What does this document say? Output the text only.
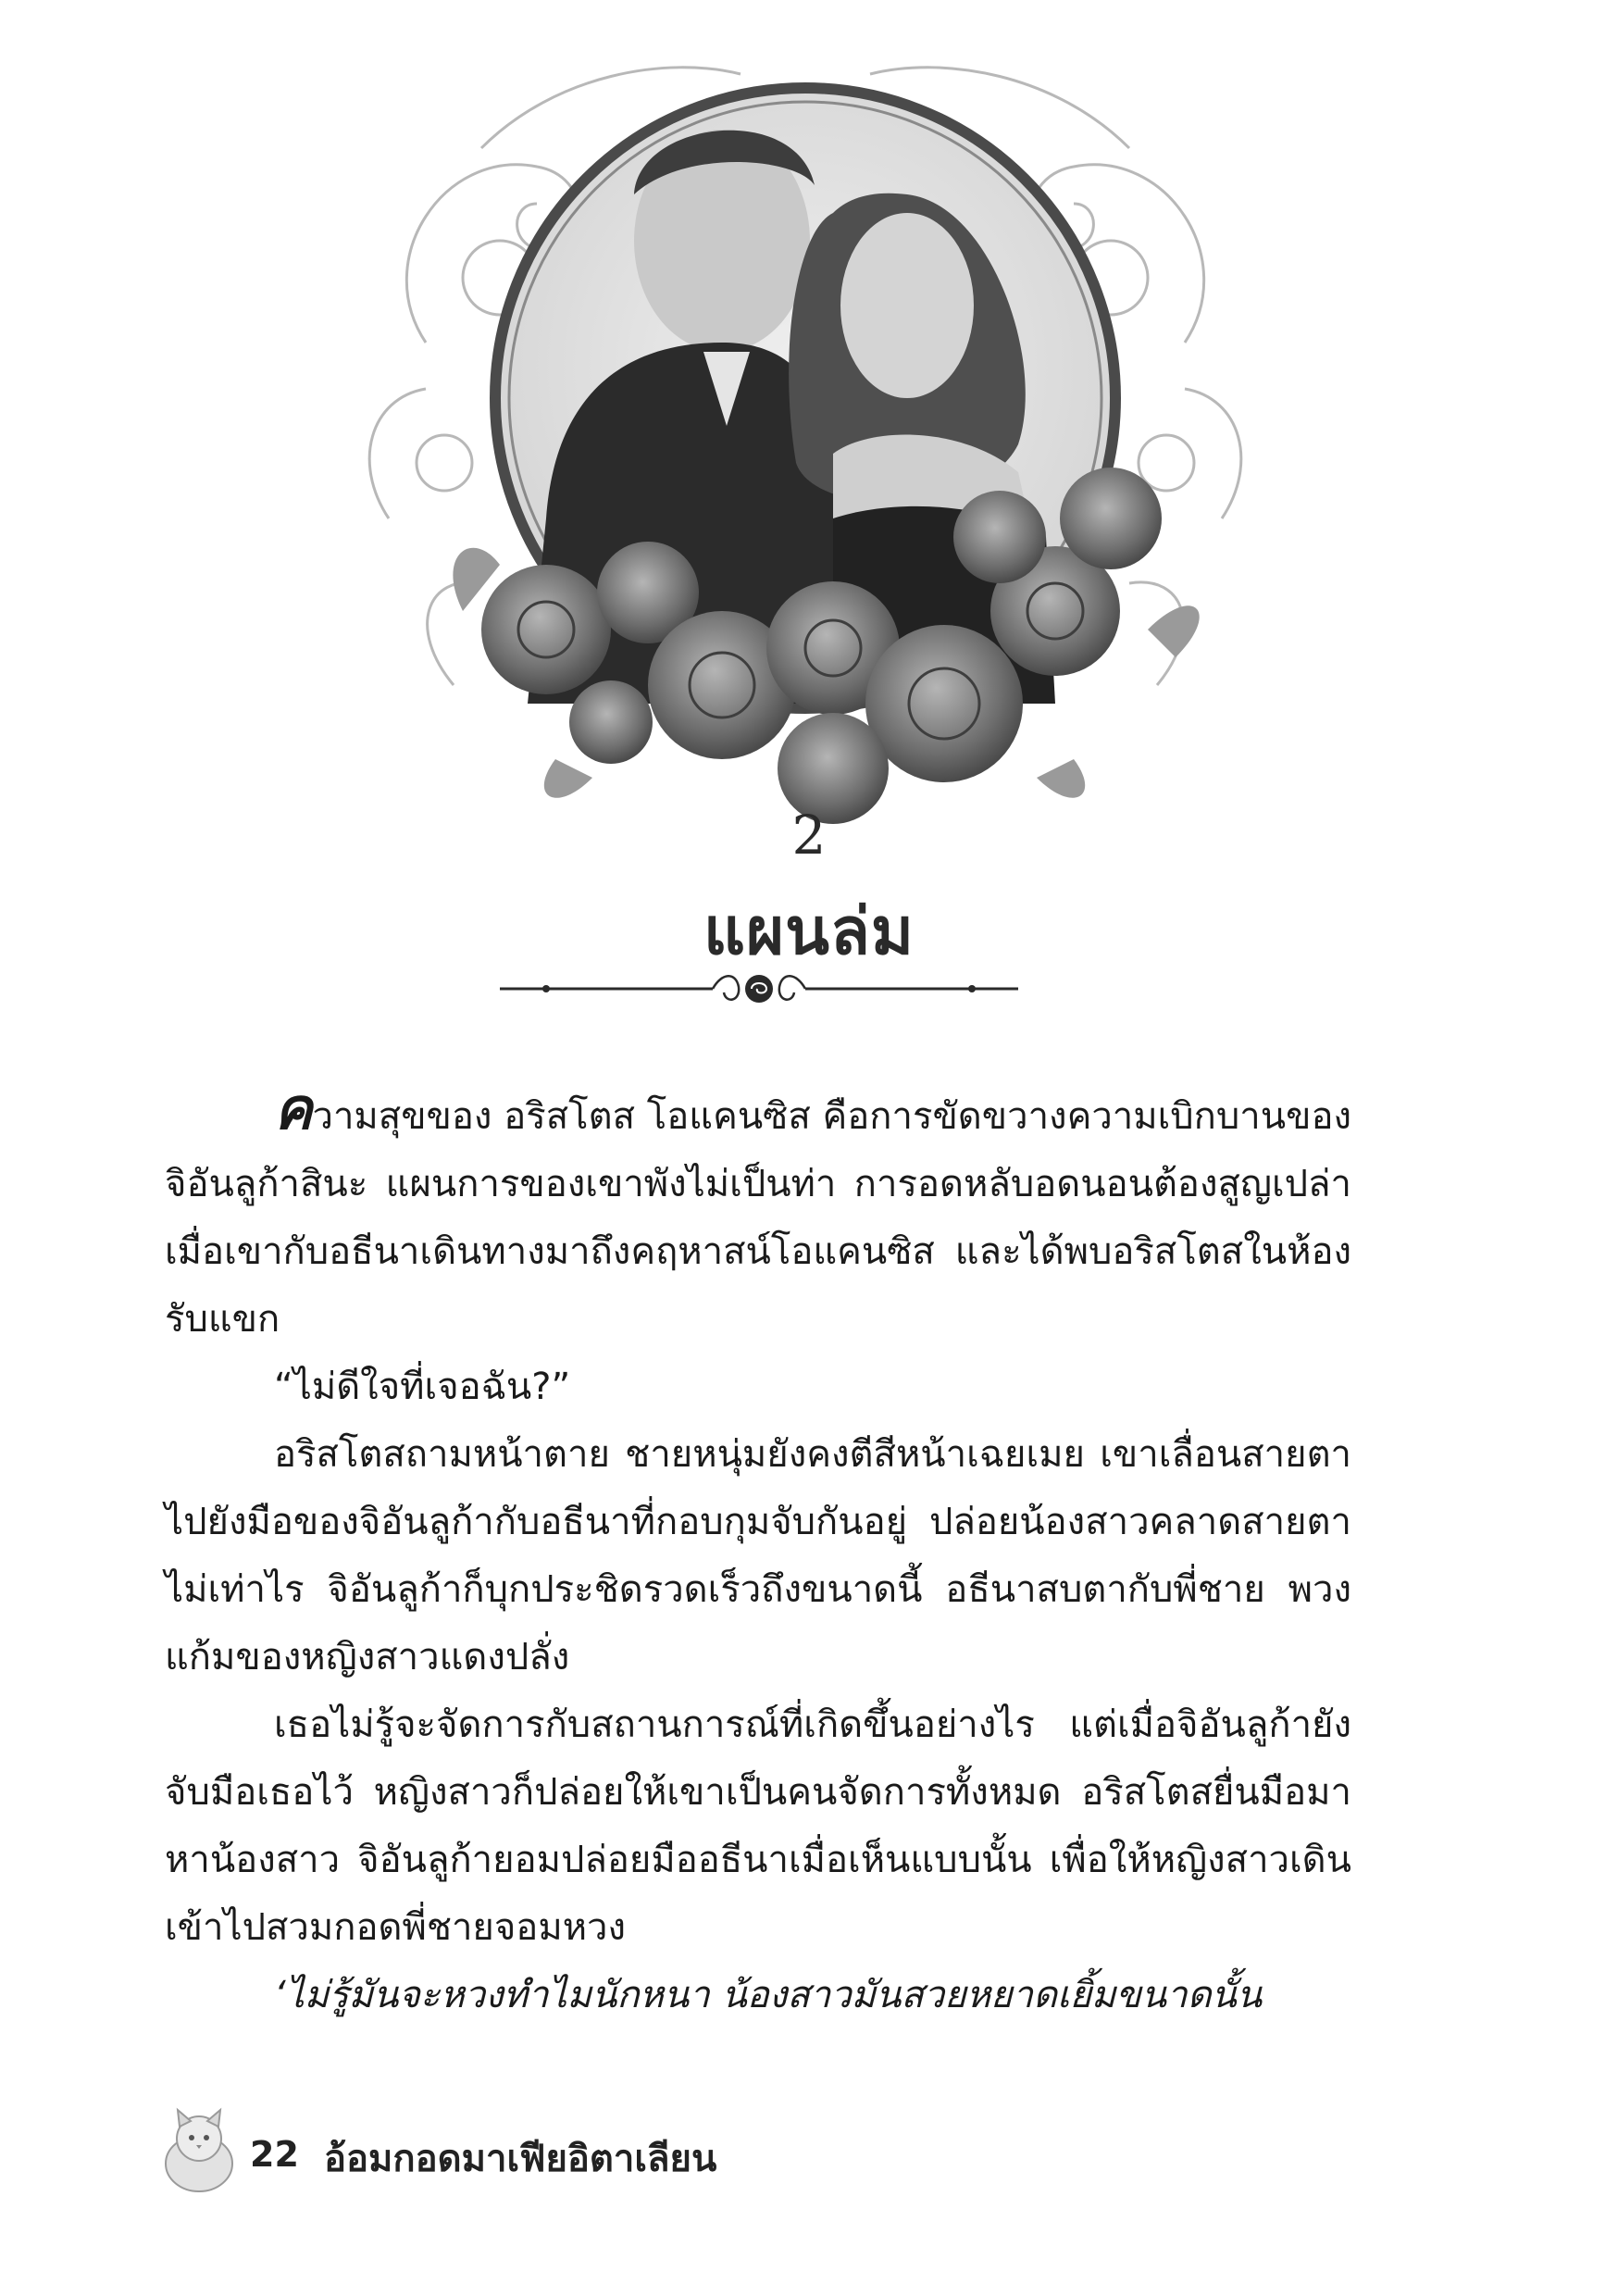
2
แผนล่ม

ความสุขของ อริสโตส โอแคนซิส คือการขัดขวางความเบิกบานของจิอันลูก้าสินะ แผนการของเขาพังไม่เป็นท่า การอดหลับอดนอนต้องสูญเปล่า เมื่อเขากับอธีนาเดินทางมาถึงคฤหาสน์โอแคนซิส และได้พบอริสโตสในห้องรับแขก

“ไม่ดีใจที่เจอฉัน?”

อริสโตสถามหน้าตาย ชายหนุ่มยังคงตีสีหน้าเฉยเมย เขาเลื่อนสายตาไปยังมือของจิอันลูก้ากับอธีนาที่กอบกุมจับกันอยู่ ปล่อยน้องสาวคลาดสายตาไม่เท่าไร จิอันลูก้าก็บุกประชิดรวดเร็วถึงขนาดนี้ อธีนาสบตากับพี่ชาย พวงแก้มของหญิงสาวแดงปลั่ง

เธอไม่รู้จะจัดการกับสถานการณ์ที่เกิดขึ้นอย่างไร แต่เมื่อจิอันลูก้ายังจับมือเธอไว้ หญิงสาวก็ปล่อยให้เขาเป็นคนจัดการทั้งหมด อริสโตสยื่นมือมาหาน้องสาว จิอันลูก้ายอมปล่อยมืออธีนาเมื่อเห็นแบบนั้น เพื่อให้หญิงสาวเดินเข้าไปสวมกอดพี่ชายจอมหวง

‘ไม่รู้มันจะหวงทำไมนักหนา น้องสาวมันสวยหยาดเยิ้มขนาดนั้น

22 อ้อมกอดมาเฟียอิตาเลียน
